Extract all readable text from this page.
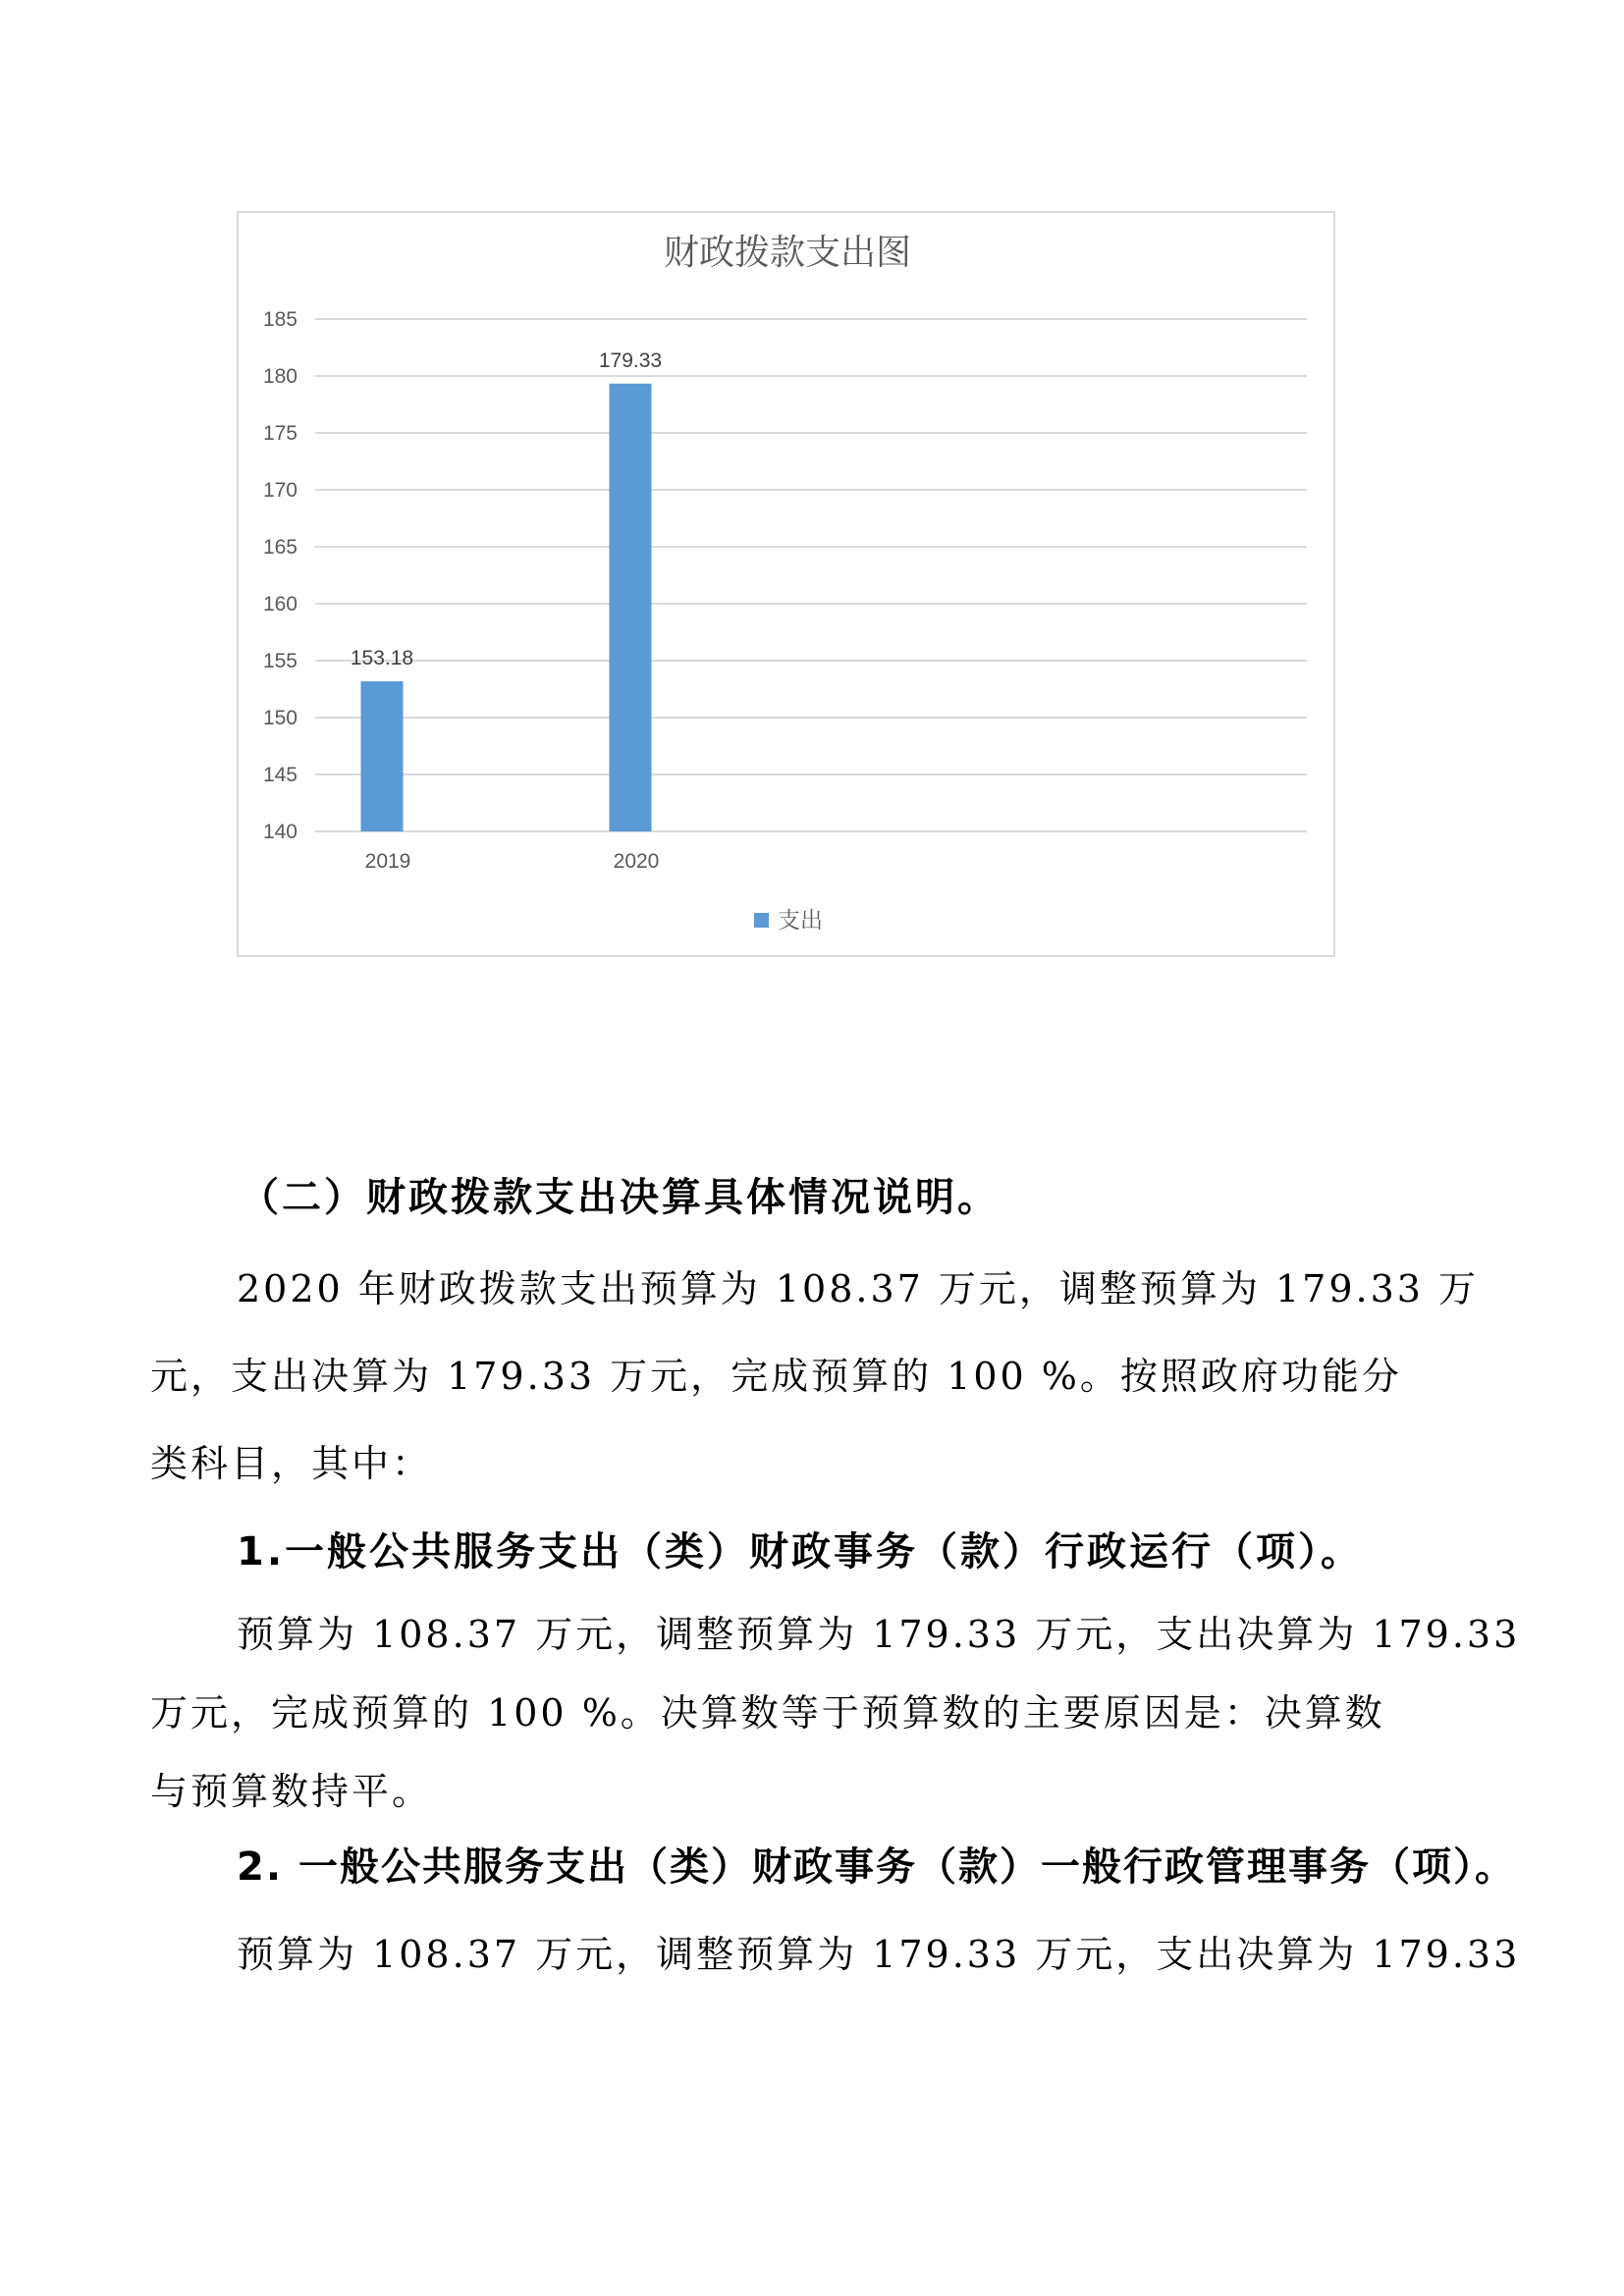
财政拨款支出图
140
145
150
155
160
165
170
175
180
185
153.18
2019
179.33
2020
支出
（二）财政拨款支出决算具体情况说明。
2020 年财政拨款支出预算为 108.37 万元，调整预算为 179.33 万
元，支出决算为 179.33 万元，完成预算的 100 %。按照政府功能分
类科目，其中：
1.一般公共服务支出（类）财政事务（款）行政运行（项）。
预算为 108.37 万元，调整预算为 179.33 万元，支出决算为 179.33
万元，完成预算的 100 %。决算数等于预算数的主要原因是：决算数
与预算数持平。
2. 一般公共服务支出（类）财政事务（款）一般行政管理事务（项）。
预算为 108.37 万元，调整预算为 179.33 万元，支出决算为 179.33
